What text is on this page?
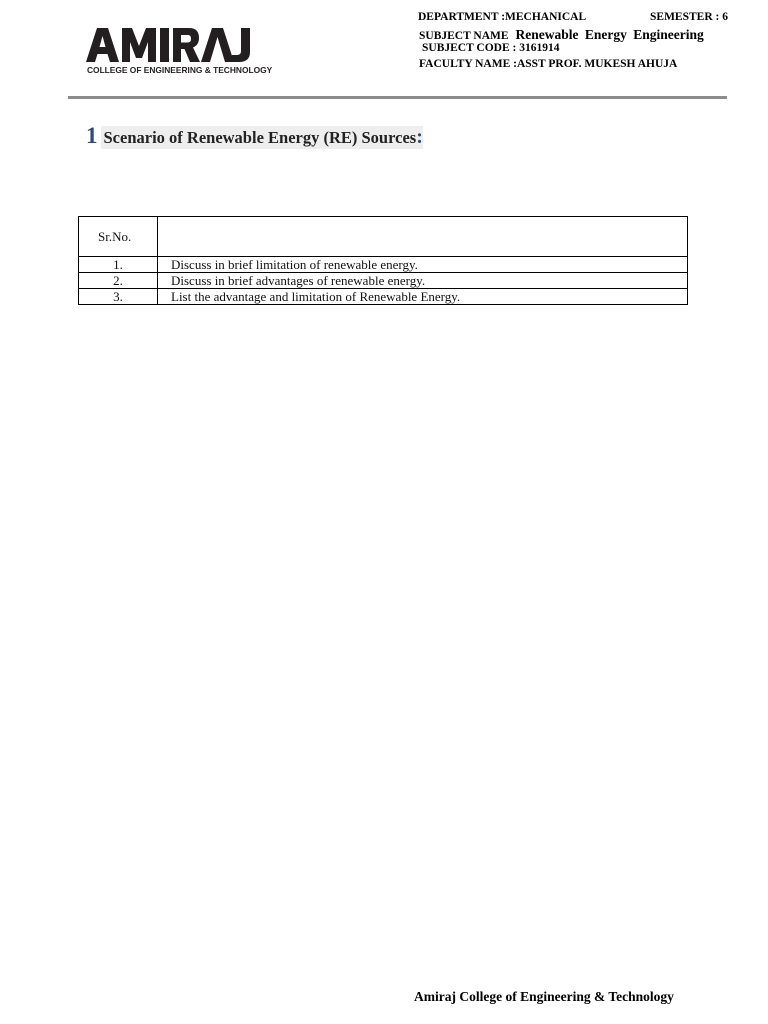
COLLEGE OF ENGINEERING & TECHNOLOGY
DEPARTMENT :MECHANICAL	SEMESTER : 6
SUBJECT NAME Renewable Energy Engineering
SUBJECT CODE : 3161914
FACULTY NAME :ASST PROF. MUKESH AHUJA
1 Scenario of Renewable Energy (RE) Sources:
Sr.No.	
1.	Discuss in brief limitation of renewable energy.
2.	Discuss in brief advantages of renewable energy.
3.	List the advantage and limitation of Renewable Energy.
Amiraj College of Engineering & Technology
